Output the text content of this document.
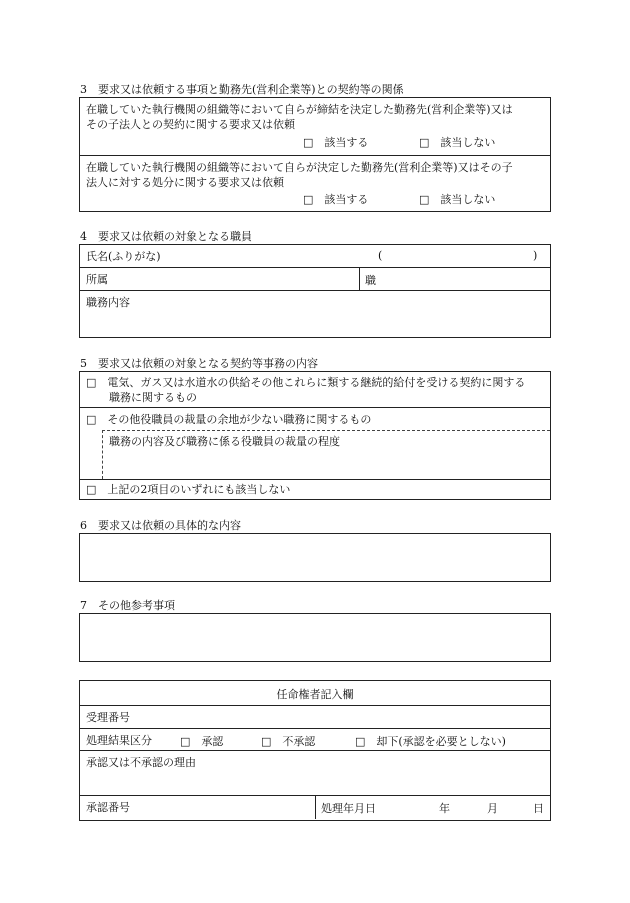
3　要求又は依頼する事項と勤務先(営利企業等)との契約等の関係
在職していた執行機関の組織等において自らが締結を決定した勤務先(営利企業等)又は
その子法人との契約に関する要求又は依頼
□　該当する	□　該当しない
在職していた執行機関の組織等において自らが決定した勤務先(営利企業等)又はその子
法人に対する処分に関する要求又は依頼
□　該当する	□　該当しない
4　要求又は依頼の対象となる職員
氏名(ふりがな)	(	)
所属	職
職務内容
5　要求又は依頼の対象となる契約等事務の内容
□　電気、ガス又は水道水の供給その他これらに類する継続的給付を受ける契約に関する
職務に関するもの
□　その他役職員の裁量の余地が少ない職務に関するもの
職務の内容及び職務に係る役職員の裁量の程度
□　上記の2項目のいずれにも該当しない
6　要求又は依頼の具体的な内容
7　その他参考事項
任命権者記入欄
受理番号
処理結果区分	□　承認	□　不承認	□　却下(承認を必要としない)
承認又は不承認の理由
承認番号	処理年月日	年	月	日
